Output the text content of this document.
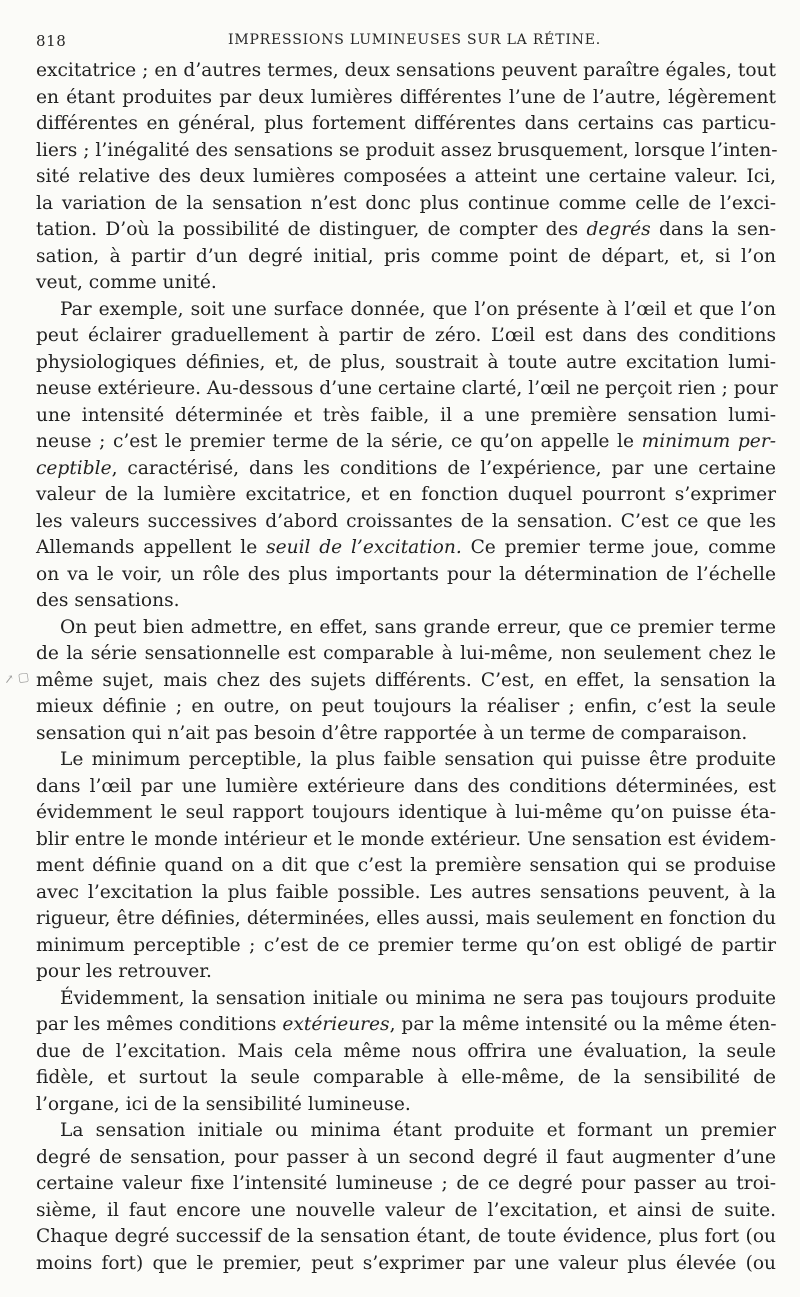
818	IMPRESSIONS LUMINEUSES SUR LA RÉTINE.
excitatrice ; en d’autres termes, deux sensations peuvent paraître égales, tout
en étant produites par deux lumières différentes l’une de l’autre, légèrement
différentes en général, plus fortement différentes dans certains cas particu-
liers ; l’inégalité des sensations se produit assez brusquement, lorsque l’inten-
sité relative des deux lumières composées a atteint une certaine valeur. Ici,
la variation de la sensation n’est donc plus continue comme celle de l’exci-
tation. D’où la possibilité de distinguer, de compter des degrés dans la sen-
sation, à partir d’un degré initial, pris comme point de départ, et, si l’on
veut, comme unité.
Par exemple, soit une surface donnée, que l’on présente à l’œil et que l’on
peut éclairer graduellement à partir de zéro. L’œil est dans des conditions
physiologiques définies, et, de plus, soustrait à toute autre excitation lumi-
neuse extérieure. Au-dessous d’une certaine clarté, l’œil ne perçoit rien ; pour
une intensité déterminée et très faible, il a une première sensation lumi-
neuse ; c’est le premier terme de la série, ce qu’on appelle le minimum per-
ceptible, caractérisé, dans les conditions de l’expérience, par une certaine
valeur de la lumière excitatrice, et en fonction duquel pourront s’exprimer
les valeurs successives d’abord croissantes de la sensation. C’est ce que les
Allemands appellent le seuil de l’excitation. Ce premier terme joue, comme
on va le voir, un rôle des plus importants pour la détermination de l’échelle
des sensations.
On peut bien admettre, en effet, sans grande erreur, que ce premier terme
de la série sensationnelle est comparable à lui-même, non seulement chez le
même sujet, mais chez des sujets différents. C’est, en effet, la sensation la
mieux définie ; en outre, on peut toujours la réaliser ; enfin, c’est la seule
sensation qui n’ait pas besoin d’être rapportée à un terme de comparaison.
Le minimum perceptible, la plus faible sensation qui puisse être produite
dans l’œil par une lumière extérieure dans des conditions déterminées, est
évidemment le seul rapport toujours identique à lui-même qu’on puisse éta-
blir entre le monde intérieur et le monde extérieur. Une sensation est évidem-
ment définie quand on a dit que c’est la première sensation qui se produise
avec l’excitation la plus faible possible. Les autres sensations peuvent, à la
rigueur, être définies, déterminées, elles aussi, mais seulement en fonction du
minimum perceptible ; c’est de ce premier terme qu’on est obligé de partir
pour les retrouver.
Évidemment, la sensation initiale ou minima ne sera pas toujours produite
par les mêmes conditions extérieures, par la même intensité ou la même éten-
due de l’excitation. Mais cela même nous offrira une évaluation, la seule
fidèle, et surtout la seule comparable à elle-même, de la sensibilité de
l’organe, ici de la sensibilité lumineuse.
La sensation initiale ou minima étant produite et formant un premier
degré de sensation, pour passer à un second degré il faut augmenter d’une
certaine valeur fixe l’intensité lumineuse ; de ce degré pour passer au troi-
sième, il faut encore une nouvelle valeur de l’excitation, et ainsi de suite.
Chaque degré successif de la sensation étant, de toute évidence, plus fort (ou
moins fort) que le premier, peut s’exprimer par une valeur plus élevée (ou
↗ ▢
